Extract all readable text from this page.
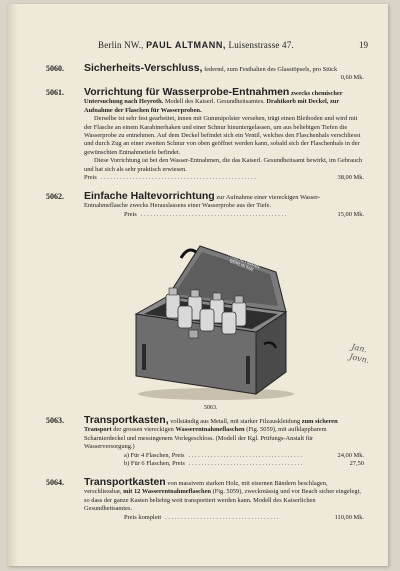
Berlin NW., PAUL ALTMANN, Luisenstrasse 47.	19
5060. Sicherheits-Verschluss, federnd, zum Festhalten des Glasstöpsels, pro Stück
0,60 Mk.
5061. Vorrichtung für Wasserprobe-Entnahmen zwecks chemischer Untersuchung nach Heyroth. Modell des Kaiserl. Gesundheitsamtes. Drahtkorb mit Deckel, zur Aufnahme der Flaschen für Wasserproben.
Derselbe ist sehr fest gearbeitet, innen mit Gummipolster versehen, trägt einen Bleiboden und wird mit der Flasche an einem Karabinerhaken und einer Schnur hinuntergelassen, um aus beliebigen Tiefen die Wasserprobe zu entnehmen. Auf dem Deckel befindet sich ein Ventil, welches den Flaschenhals verschliesst und durch Zug an einer zweiten Schnur von oben geöffnet werden kann, sobald sich der Flaschenhals in der gewünschten Entnahmetiefe befindet.
Diese Vorrichtung ist bei den Wasser-Entnahmen, die das Kaiserl. Gesundheitsamt bewirkt, im Gebrauch und hat sich als sehr praktisch erwiesen.
Preis . . . . . . . . . . . . . . . . . . . . . . . . . . . . . . . . . . . . . . . . . . . . . . . . .	38,00 Mk.
5062. Einfache Haltevorrichtung zur Aufnahme einer viereckigen Wasser-Entnahmeflasche zwecks Herauslassens einer Wasserprobe aus der Tiefe.
Preis . . . . . . . . . . . . . . . . . . . . . . . . . . . . . . . . . . . . . . . . . . . . . .	15,00 Mk.
PAUL ALTMANN BERLIN NW.
5063.
Jan. Jovn.
5063. Transportkasten, vollständig aus Metall, mit starker Filzauskleidung zum sicheren Transport der grossen viereckigen Wasserentnahmeflaschen (Fig. 5059), mit aufklappbarem Scharnierdeckel und messingenem Vorlegeschloss. (Modell der Kgl. Prüfungs-Anstalt für Wasserversorgung.)
a) Für 4 Flaschen, Preis . . . . . . . . . . . . . . . . . . . . . . . . . . . . . . . . . . . .	24,00 Mk.
b) Für 6 Flaschen, Preis . . . . . . . . . . . . . . . . . . . . . . . . . . . . . . . . . . . .	27,50
5064. Transportkasten von massivem starken Holz, mit eisernen Bändern beschlagen, verschliessbar, mit 12 Wasserentnahmeflaschen (Fig. 5059), zweckmässig und vor Beach sicher eingelegt, so dass der ganze Kasten beliebig weit transportiert werden kann. Modell des Kaiserlichen Gesundheitsamtes.
Preis komplett . . . . . . . . . . . . . . . . . . . . . . . . . . . . . . . . . . . .	110,00 Mk.
